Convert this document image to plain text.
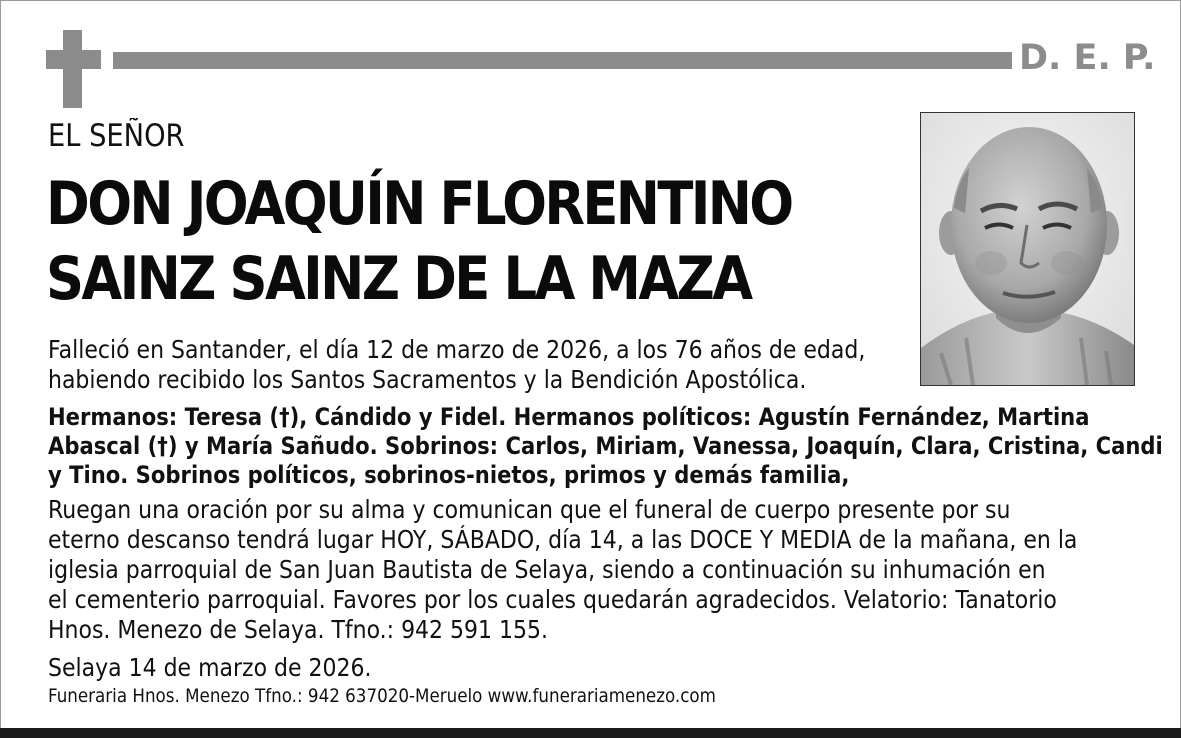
D. E. P.
EL SEÑOR
DON JOAQUÍN FLORENTINO
SAINZ SAINZ DE LA MAZA
Falleció en Santander, el día 12 de marzo de 2026, a los 76 años de edad,
habiendo recibido los Santos Sacramentos y la Bendición Apostólica.
Hermanos: Teresa (†), Cándido y Fidel. Hermanos políticos: Agustín Fernández, Martina
Abascal (†) y María Sañudo. Sobrinos: Carlos, Miriam, Vanessa, Joaquín, Clara, Cristina, Candi
y Tino. Sobrinos políticos, sobrinos-nietos, primos y demás familia,
Ruegan una oración por su alma y comunican que el funeral de cuerpo presente por su
eterno descanso tendrá lugar HOY, SÁBADO, día 14, a las DOCE Y MEDIA de la mañana, en la
iglesia parroquial de San Juan Bautista de Selaya, siendo a continuación su inhumación en
el cementerio parroquial. Favores por los cuales quedarán agradecidos. Velatorio: Tanatorio
Hnos. Menezo de Selaya. Tfno.: 942 591 155.
Selaya 14 de marzo de 2026.
Funeraria Hnos. Menezo Tfno.: 942 637020-Meruelo www.funerariamenezo.com
